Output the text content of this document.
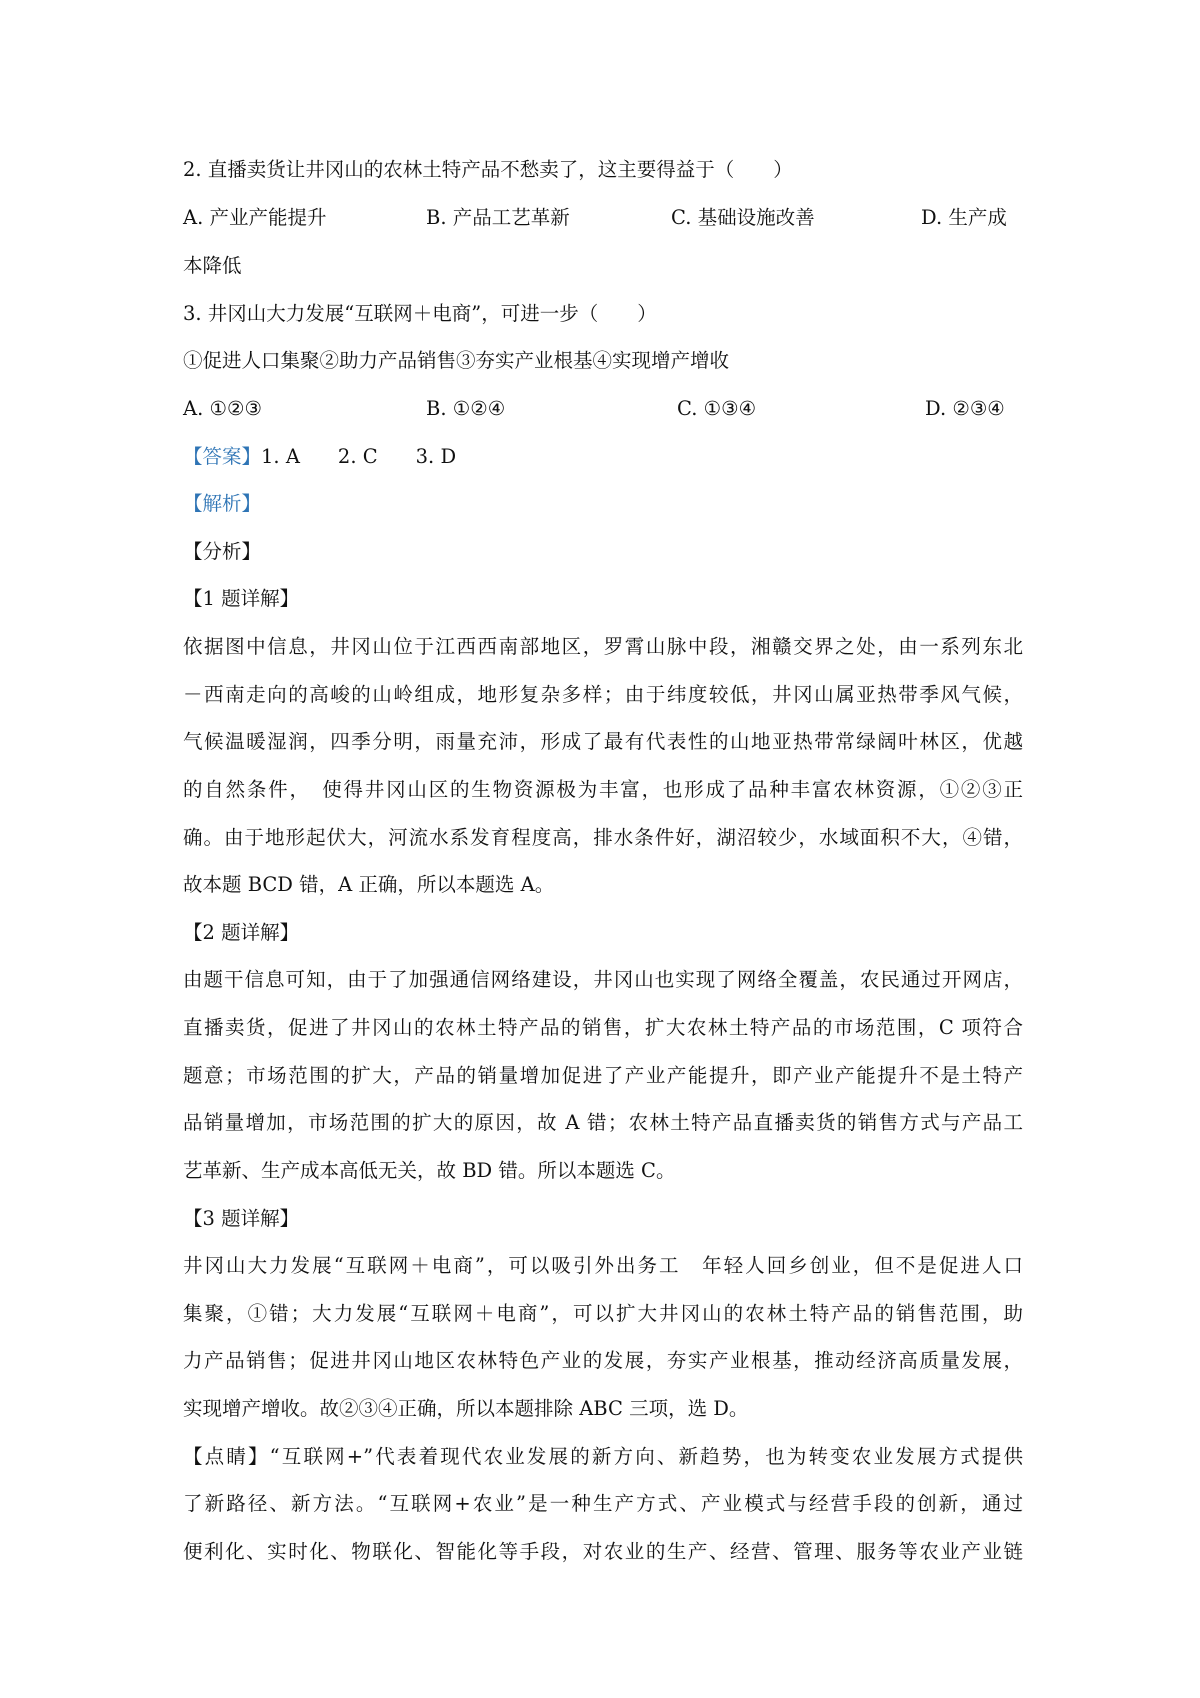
2. 直播卖货让井冈山的农林土特产品不愁卖了，这主要得益于（　　）
A. 产业产能提升	B. 产品工艺革新	C. 基础设施改善	D. 生产成
本降低
3. 井冈山大力发展“互联网＋电商”，可进一步（　　）
①促进人口集聚②助力产品销售③夯实产业根基④实现增产增收
A. ①②③	B. ①②④	C. ①③④	D. ②③④
【答案】1. A 2. C 3. D
【解析】
【分析】
【1 题详解】
依据图中信息，井冈山位于江西西南部地区，罗霄山脉中段，湘赣交界之处，由一系列东北
－西南走向的高峻的山岭组成，地形复杂多样；由于纬度较低，井冈山属亚热带季风气候，
气候温暖湿润，四季分明，雨量充沛，形成了最有代表性的山地亚热带常绿阔叶林区，优越
的自然条件，　使得井冈山区的生物资源极为丰富，也形成了品种丰富农林资源，①②③正
确。由于地形起伏大，河流水系发育程度高，排水条件好，湖沼较少，水域面积不大，④错，
故本题 BCD 错，A 正确，所以本题选 A。
【2 题详解】
由题干信息可知，由于了加强通信网络建设，井冈山也实现了网络全覆盖，农民通过开网店，
直播卖货，促进了井冈山的农林土特产品的销售，扩大农林土特产品的市场范围，C 项符合
题意；市场范围的扩大，产品的销量增加促进了产业产能提升，即产业产能提升不是土特产
品销量增加，市场范围的扩大的原因，故 A 错；农林土特产品直播卖货的销售方式与产品工
艺革新、生产成本高低无关，故 BD 错。所以本题选 C。
【3 题详解】
井冈山大力发展“互联网＋电商”，可以吸引外出务工　年轻人回乡创业，但不是促进人口
集聚，①错；大力发展“互联网＋电商”，可以扩大井冈山的农林土特产品的销售范围，助
力产品销售；促进井冈山地区农林特色产业的发展，夯实产业根基，推动经济高质量发展，
实现增产增收。故②③④正确，所以本题排除 ABC 三项，选 D。
【点睛】“互联网+”代表着现代农业发展的新方向、新趋势，也为转变农业发展方式提供
了新路径、新方法。“互联网+农业”是一种生产方式、产业模式与经营手段的创新，通过
便利化、实时化、物联化、智能化等手段，对农业的生产、经营、管理、服务等农业产业链
